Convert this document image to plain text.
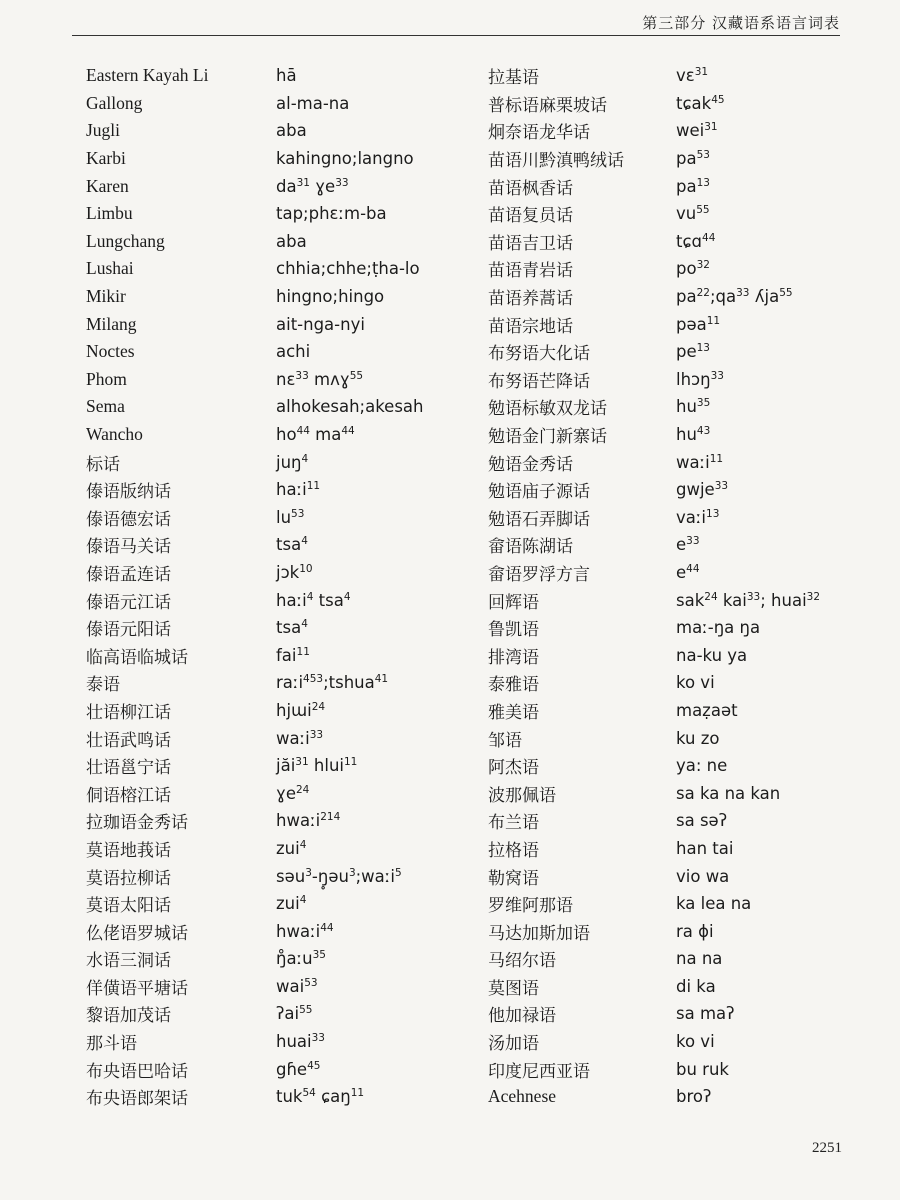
第三部分 汉藏语系语言词表
Eastern Kayah Li	hā
Gallong	al-ma-na
Jugli	aba
Karbi	kahingno;langno
Karen	$da^{31}$ ɣe$^{33}$
Limbu	tap;phɛːm-ba
Lungchang	aba
Lushai	chhia;chhe;ṭha-lo
Mikir	hingno;hingo
Milang	ait-nga-nyi
Noctes	achi
Phom	nɛ$^{33}$ mʌɣ$^{55}$
Sema	alhokesah;akesah
Wancho	$ho^{44}$ $ma^{44}$
标话	juŋ$^4$
傣语版纳话	haːi$^{11}$
傣语德宏话	$lu^{53}$
傣语马关话	tsa$^4$
傣语孟连话	jɔk$^{10}$
傣语元江话	haːi$^4$ tsa$^4$
傣语元阳话	tsa$^4$
临高语临城话	fai$^{11}$
泰语	raːi$^{453}$;tshua$^{41}$
壮语柳江话	hjɯi$^{24}$
壮语武鸣话	waːi$^{33}$
壮语邕宁话	jăi$^{31}$ hlui$^{11}$
侗语榕江话	ɣe$^{24}$
拉珈语金秀话	hwaːi$^{214}$
莫语地莪话	zui$^4$
莫语拉柳话	səu$^3$-ŋ̥əu$^3$;waːi$^5$
莫语太阳话	zui$^4$
仫佬语罗城话	hwaːi$^{44}$
水语三洞话	ŋ̊aːu$^{35}$
佯僙语平塘话	wai$^{53}$
黎语加茂话	ʔai$^{55}$
那斗语	huai$^{33}$
布央语巴哈话	gɦe$^{45}$
布央语郎架话	tuk$^{54}$ ɕaŋ$^{11}$
拉基语	vɛ$^{31}$
普标语麻栗坡话	tɕak$^{45}$
炯奈语龙华话	wei$^{31}$
苗语川黔滇鸭绒话	$pa^{53}$
苗语枫香话	$pa^{13}$
苗语复员话	$vu^{55}$
苗语吉卫话	tɕɑ$^{44}$
苗语青岩话	$po^{32}$
苗语养蒿话	$pa^{22};qa^{33}$ ʎja$^{55}$
苗语宗地话	pəa$^{11}$
布努语大化话	$pe^{13}$
布努语芒降话	lhɔŋ$^{33}$
勉语标敏双龙话	$hu^{35}$
勉语金门新寨话	$hu^{43}$
勉语金秀话	waːi$^{11}$
勉语庙子源话	gwje$^{33}$
勉语石弄脚话	vaːi$^{13}$
畲语陈湖话	$e^{33}$
畲语罗浮方言	$e^{44}$
回辉语	sak$^{24}$ kai$^{33}$; huai$^{32}$
鲁凯语	maː-ŋa ŋa
排湾语	na-ku ya
泰雅语	ko vi
雅美语	maẓaət
邹语	ku zo
阿杰语	ya: ne
波那佩语	sa ka na kan
布兰语	sa səʔ
拉格语	han tai
勒窝语	vio wa
罗维阿那语	ka lea na
马达加斯加语	ra ɸi
马绍尔语	na na
莫图语	di ka
他加禄语	sa maʔ
汤加语	ko vi
印度尼西亚语	bu ruk
Acehnese	broʔ
2251
